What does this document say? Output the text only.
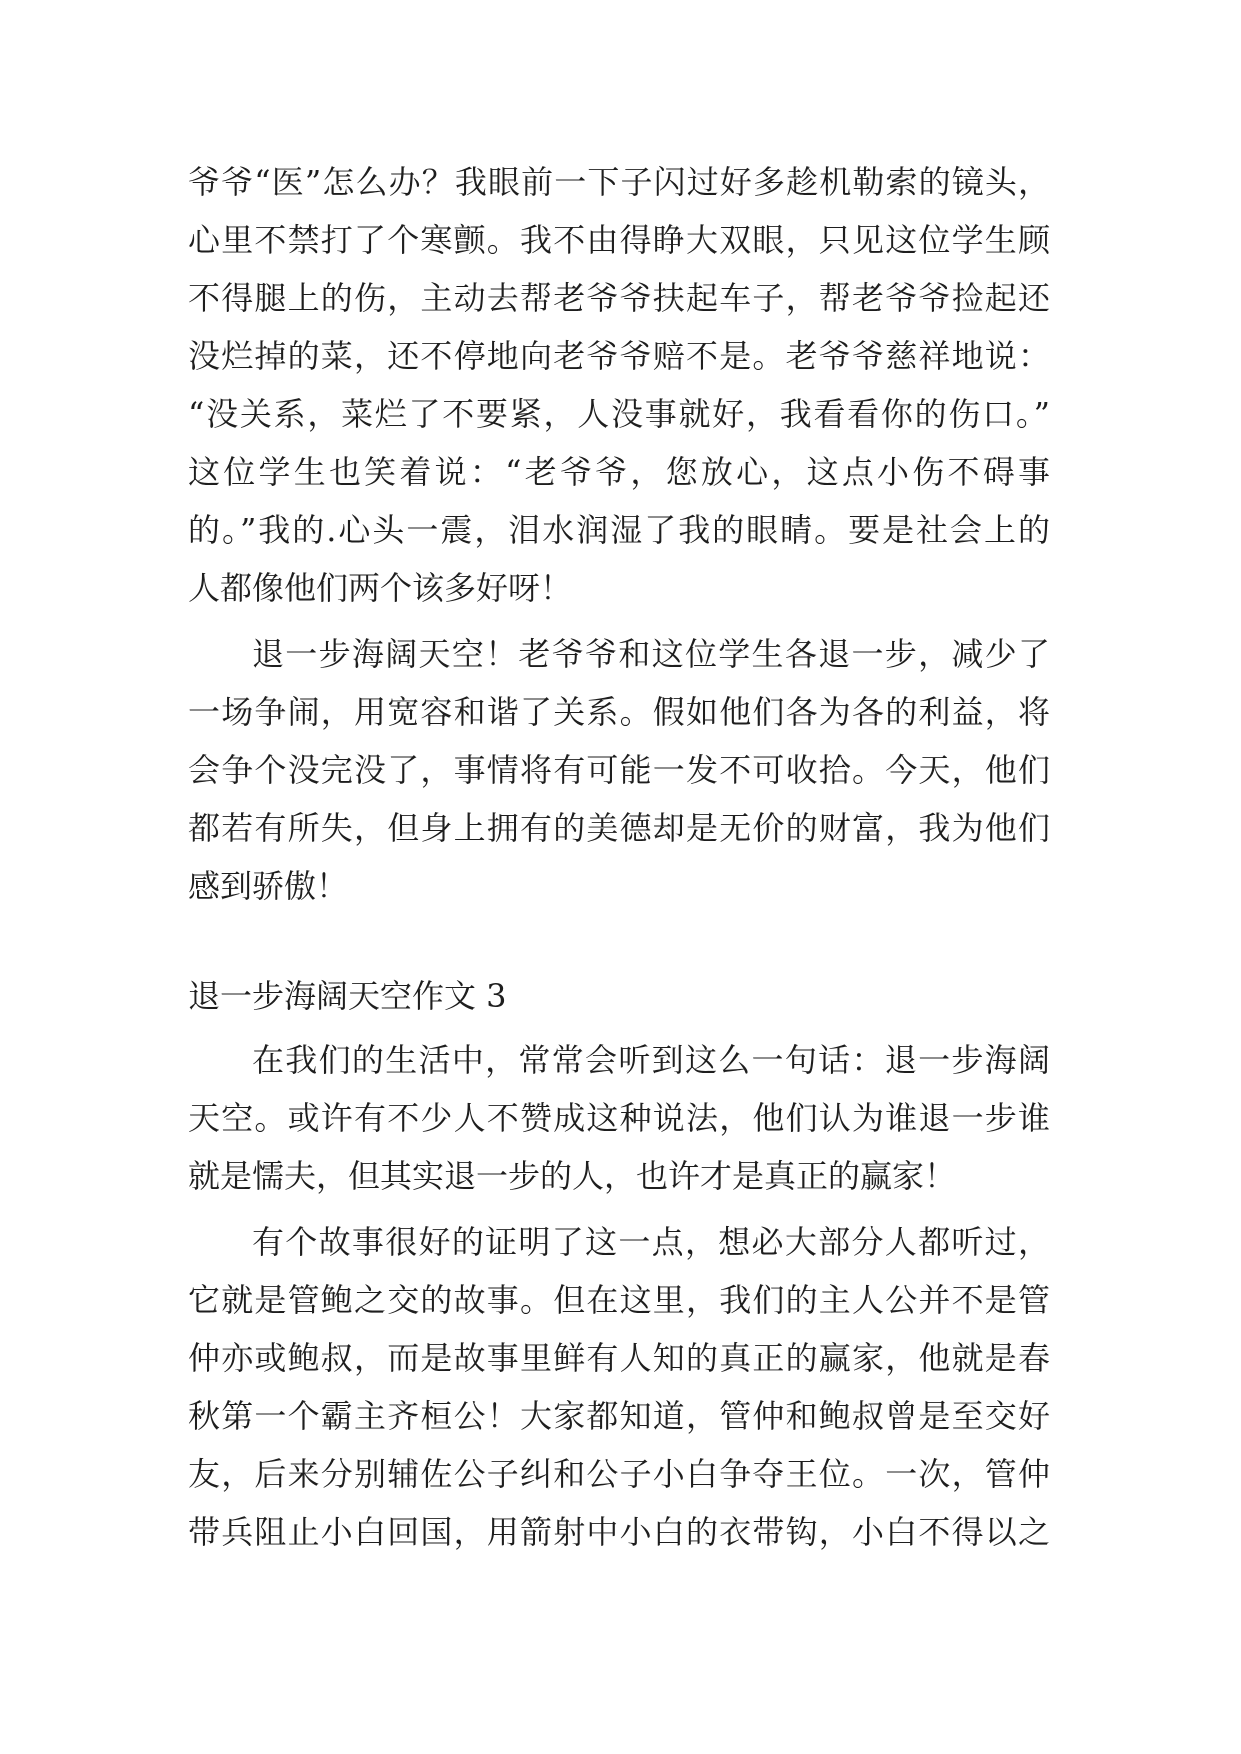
爷爷“医”怎么办？我眼前一下子闪过好多趁机勒索的镜头，
心里不禁打了个寒颤。我不由得睁大双眼，只见这位学生顾
不得腿上的伤，主动去帮老爷爷扶起车子，帮老爷爷捡起还
没烂掉的菜，还不停地向老爷爷赔不是。老爷爷慈祥地说：
“没关系，菜烂了不要紧，人没事就好，我看看你的伤口。”
这位学生也笑着说：“老爷爷，您放心，这点小伤不碍事
的。”我的.心头一震，泪水润湿了我的眼睛。要是社会上的
人都像他们两个该多好呀！
退一步海阔天空！老爷爷和这位学生各退一步，减少了
一场争闹，用宽容和谐了关系。假如他们各为各的利益，将
会争个没完没了，事情将有可能一发不可收拾。今天，他们
都若有所失，但身上拥有的美德却是无价的财富，我为他们
感到骄傲！
退一步海阔天空作文 3
在我们的生活中，常常会听到这么一句话：退一步海阔
天空。或许有不少人不赞成这种说法，他们认为谁退一步谁
就是懦夫，但其实退一步的人，也许才是真正的赢家！
有个故事很好的证明了这一点，想必大部分人都听过，
它就是管鲍之交的故事。但在这里，我们的主人公并不是管
仲亦或鲍叔，而是故事里鲜有人知的真正的赢家，他就是春
秋第一个霸主齐桓公！大家都知道，管仲和鲍叔曾是至交好
友，后来分别辅佐公子纠和公子小白争夺王位。一次，管仲
带兵阻止小白回国，用箭射中小白的衣带钩，小白不得以之
